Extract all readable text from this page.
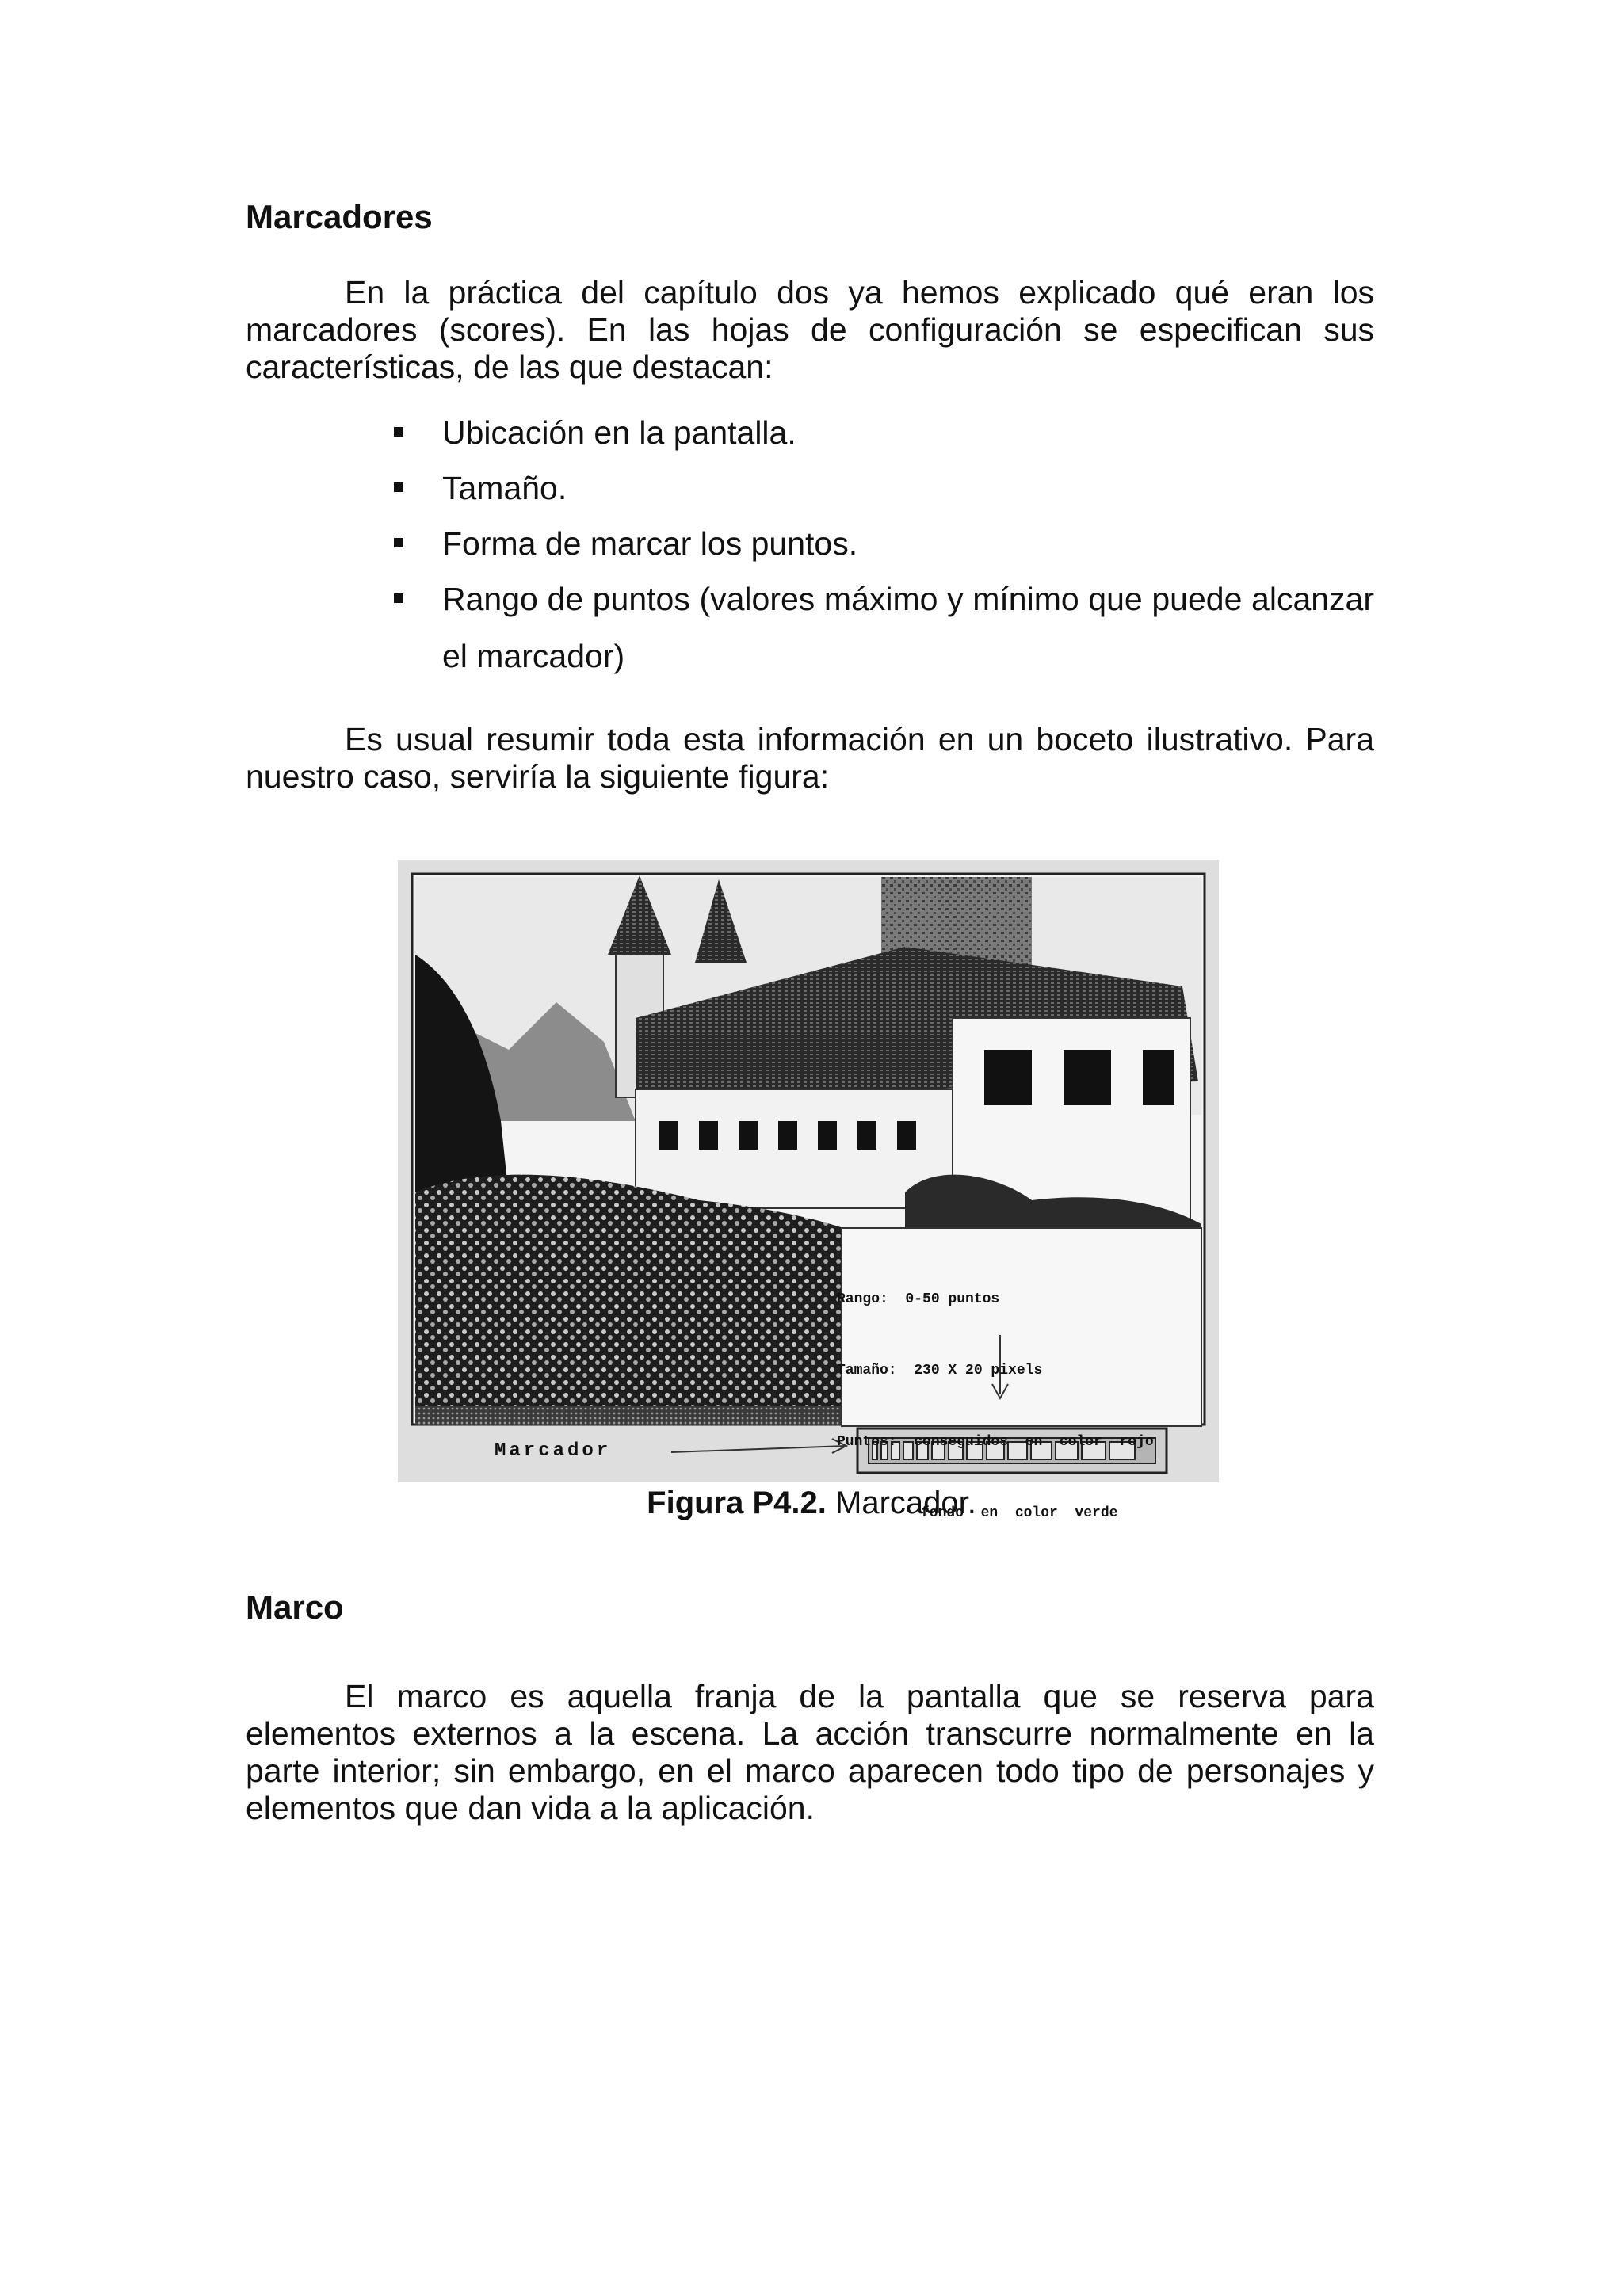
Marcadores

En la práctica del capítulo dos ya hemos explicado qué eran los marcadores (scores). En las hojas de configuración se especifican sus características, de las que destacan:

Ubicación en la pantalla.
Tamaño.
Forma de marcar los puntos.
Rango de puntos (valores máximo y mínimo que puede alcanzar el marcador)

Es usual resumir toda esta información en un boceto ilustrativo. Para nuestro caso, serviría la siguiente figura:

Rango:  0-50 puntos

Tamaño:  230 X 20 pixels

Puntos:  conseguidos  en  color  rojo

fondo  en  color  verde

Marcador
Figura P4.2. Marcador.
Marco

El marco es aquella franja de la pantalla que se reserva para elementos externos a la escena. La acción transcurre normalmente en la parte interior; sin embargo, en el marco aparecen todo tipo de personajes y elementos que dan vida a la aplicación.
